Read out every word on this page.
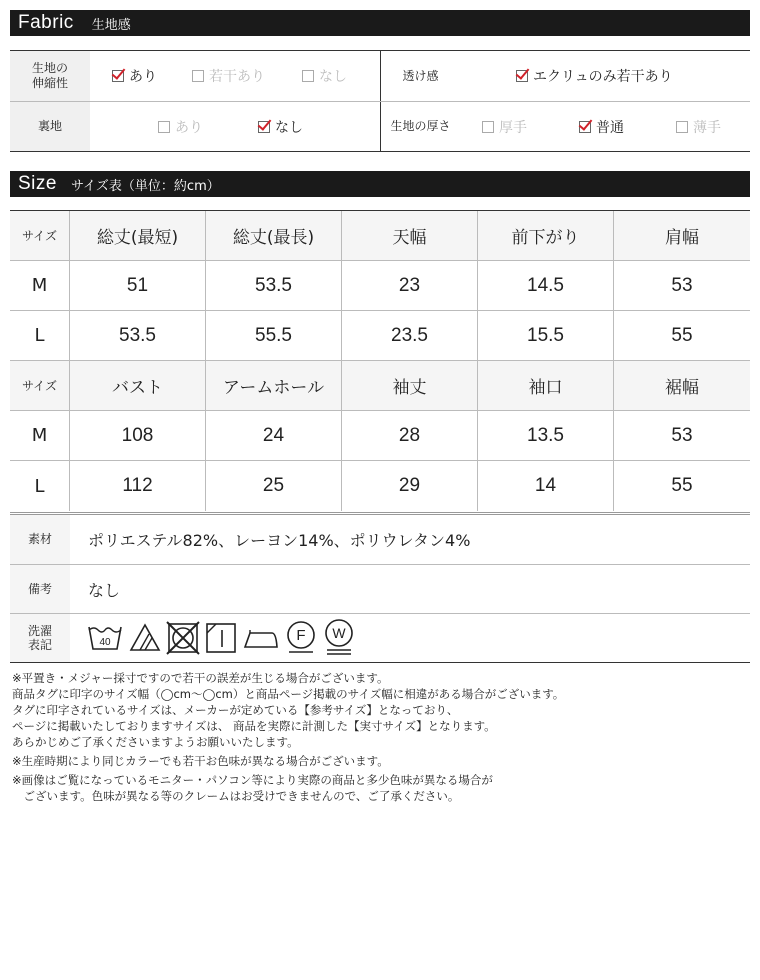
Fabric 生地感
生地の
伸縮性	あり	若干あり	なし	透け感	エクリュのみ若干あり
裏地	あり	なし	生地の厚さ	厚手	普通	薄手
Size サイズ表（単位：約cm）
サイズ	総丈(最短)	総丈(最長)	天幅	前下がり	肩幅
M	51	53.5	23	14.5	53
L	53.5	55.5	23.5	15.5	55
サイズ	バスト	アームホール	袖丈	袖口	裾幅
M	108	24	28	13.5	53
L	112	25	29	14	55
素材	ポリエステル82%、レーヨン14%、ポリウレタン4%
備考	なし
洗濯
表記	40	F W

※平置き・メジャー採寸ですので若干の誤差が生じる場合がございます。

商品タグに印字のサイズ幅（◯cm〜◯cm）と商品ページ掲載のサイズ幅に相違がある場合がございます。

タグに印字されているサイズは、メーカーが定めている【参考サイズ】となっており、

ページに掲載いたしておりますサイズは、 商品を実際に計測した【実寸サイズ】となります。

あらかじめご了承くださいますようお願いいたします。

※生産時期により同じカラーでも若干お色味が異なる場合がございます。

※画像はご覧になっているモニター・パソコン等により実際の商品と多少色味が異なる場合が

　ございます。色味が異なる等のクレームはお受けできませんので、ご了承ください。
